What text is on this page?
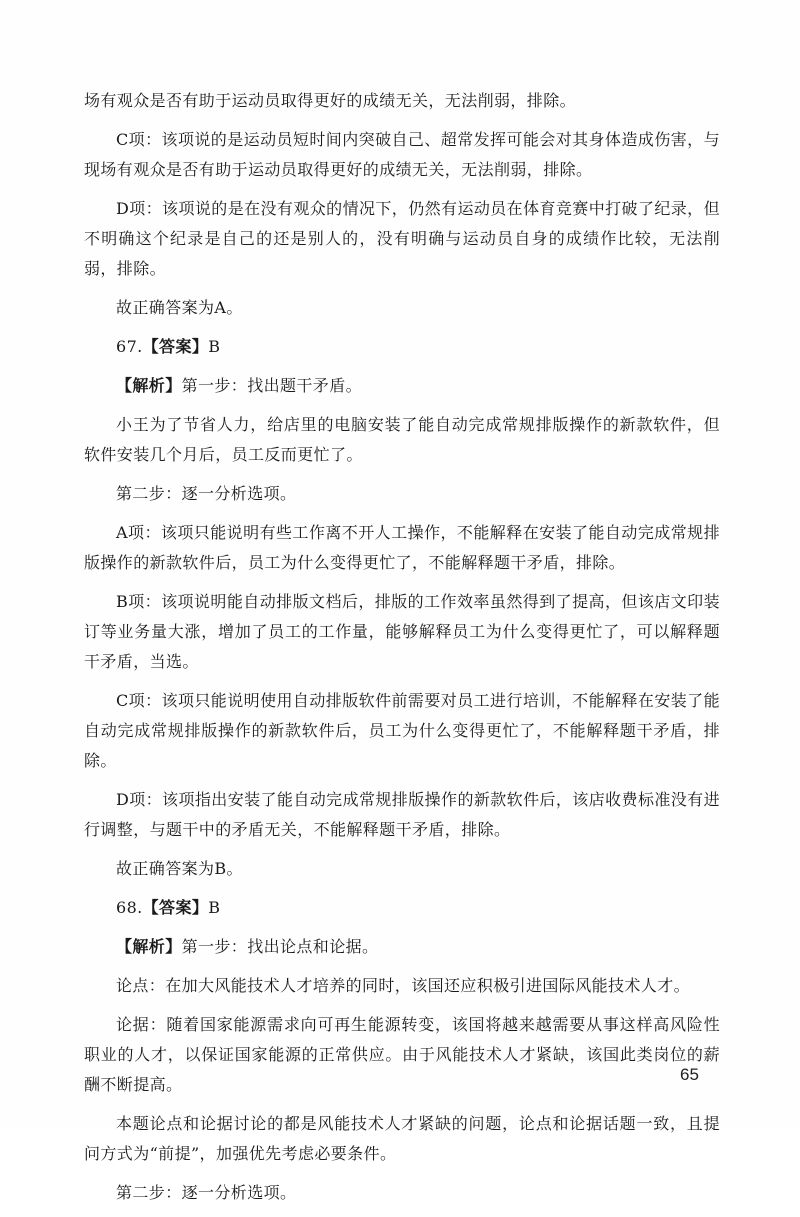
场有观众是否有助于运动员取得更好的成绩无关，无法削弱，排除。

C项：该项说的是运动员短时间内突破自己、超常发挥可能会对其身体造成伤害，与现场有观众是否有助于运动员取得更好的成绩无关，无法削弱，排除。

D项：该项说的是在没有观众的情况下，仍然有运动员在体育竞赛中打破了纪录，但不明确这个纪录是自己的还是别人的，没有明确与运动员自身的成绩作比较，无法削弱，排除。

故正确答案为A。

67.【答案】B

【解析】第一步：找出题干矛盾。

小王为了节省人力，给店里的电脑安装了能自动完成常规排版操作的新款软件，但软件安装几个月后，员工反而更忙了。

第二步：逐一分析选项。

A项：该项只能说明有些工作离不开人工操作，不能解释在安装了能自动完成常规排版操作的新款软件后，员工为什么变得更忙了，不能解释题干矛盾，排除。

B项：该项说明能自动排版文档后，排版的工作效率虽然得到了提高，但该店文印装订等业务量大涨，增加了员工的工作量，能够解释员工为什么变得更忙了，可以解释题干矛盾，当选。

C项：该项只能说明使用自动排版软件前需要对员工进行培训，不能解释在安装了能自动完成常规排版操作的新款软件后，员工为什么变得更忙了，不能解释题干矛盾，排除。

D项：该项指出安装了能自动完成常规排版操作的新款软件后，该店收费标准没有进行调整，与题干中的矛盾无关，不能解释题干矛盾，排除。

故正确答案为B。

68.【答案】B

【解析】第一步：找出论点和论据。

论点：在加大风能技术人才培养的同时，该国还应积极引进国际风能技术人才。

论据：随着国家能源需求向可再生能源转变，该国将越来越需要从事这样高风险性职业的人才，以保证国家能源的正常供应。由于风能技术人才紧缺，该国此类岗位的薪酬不断提高。

本题论点和论据讨论的都是风能技术人才紧缺的问题，论点和论据话题一致，且提问方式为“前提”，加强优先考虑必要条件。

第二步：逐一分析选项。

65
